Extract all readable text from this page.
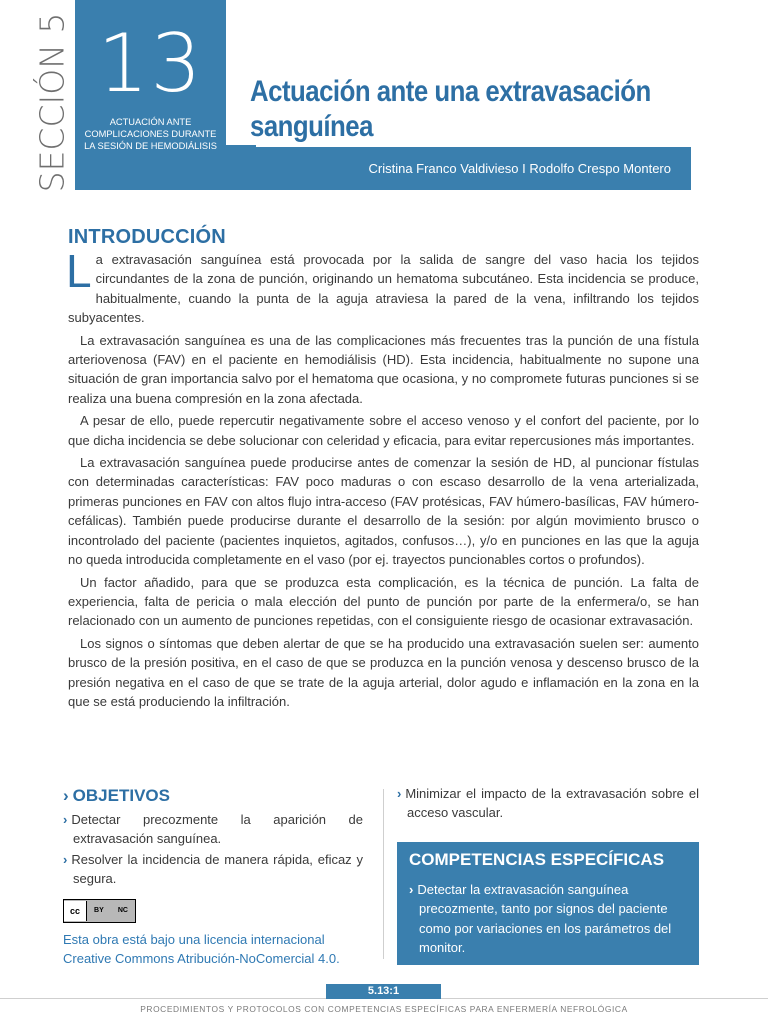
SECCIÓN 5 13
ACTUACIÓN ANTE COMPLICACIONES DURANTE LA SESIÓN DE HEMODIÁLISIS
Actuación ante una extravasación sanguínea
Cristina Franco Valdivieso I Rodolfo Crespo Montero
INTRODUCCIÓN

La extravasación sanguínea está provocada por la salida de sangre del vaso hacia los tejidos circundantes de la zona de punción, originando un hematoma subcutáneo. Esta incidencia se produce, habitualmente, cuando la punta de la aguja atraviesa la pared de la vena, infiltrando los tejidos subyacentes.

La extravasación sanguínea es una de las complicaciones más frecuentes tras la punción de una fístula arteriovenosa (FAV) en el paciente en hemodiálisis (HD). Esta incidencia, habitualmente no supone una situación de gran importancia salvo por el hematoma que ocasiona, y no compromete futuras punciones si se realiza una buena compresión en la zona afectada.

A pesar de ello, puede repercutir negativamente sobre el acceso venoso y el confort del paciente, por lo que dicha incidencia se debe solucionar con celeridad y eficacia, para evitar repercusiones más importantes.

La extravasación sanguínea puede producirse antes de comenzar la sesión de HD, al puncionar fístulas con determinadas características: FAV poco maduras o con escaso desarrollo de la vena arterializada, primeras punciones en FAV con altos flujo intra-acceso (FAV protésicas, FAV húmero-basílicas, FAV húmero-cefálicas). También puede producirse durante el desarrollo de la sesión: por algún movimiento brusco o incontrolado del paciente (pacientes inquietos, agitados, confusos…), y/o en punciones en las que la aguja no queda introducida completamente en el vaso (por ej. trayectos puncionables cortos o profundos).

Un factor añadido, para que se produzca esta complicación, es la técnica de punción. La falta de experiencia, falta de pericia o mala elección del punto de punción por parte de la enfermera/o, se han relacionado con un aumento de punciones repetidas, con el consiguiente riesgo de ocasionar extravasación.

Los signos o síntomas que deben alertar de que se ha producido una extravasación suelen ser: aumento brusco de la presión positiva, en el caso de que se produzca en la punción venosa y descenso brusco de la presión negativa en el caso de que se trate de la aguja arterial, dolor agudo e inflamación en la zona en la que se está produciendo la infiltración.

› OBJETIVOS
› Detectar precozmente la aparición de extravasación sanguínea.
› Resolver la incidencia de manera rápida, eficaz y segura.
cc	BY NC
Esta obra está bajo una licencia internacional Creative Commons Atribución-NoComercial 4.0.
› Minimizar el impacto de la extravasación sobre el acceso vascular.
COMPETENCIAS ESPECÍFICAS
› Detectar la extravasación sanguínea precozmente, tanto por signos del paciente como por variaciones en los parámetros del monitor.
5.13:1
PROCEDIMIENTOS Y PROTOCOLOS CON COMPETENCIAS ESPECÍFICAS PARA ENFERMERÍA NEFROLÓGICA
